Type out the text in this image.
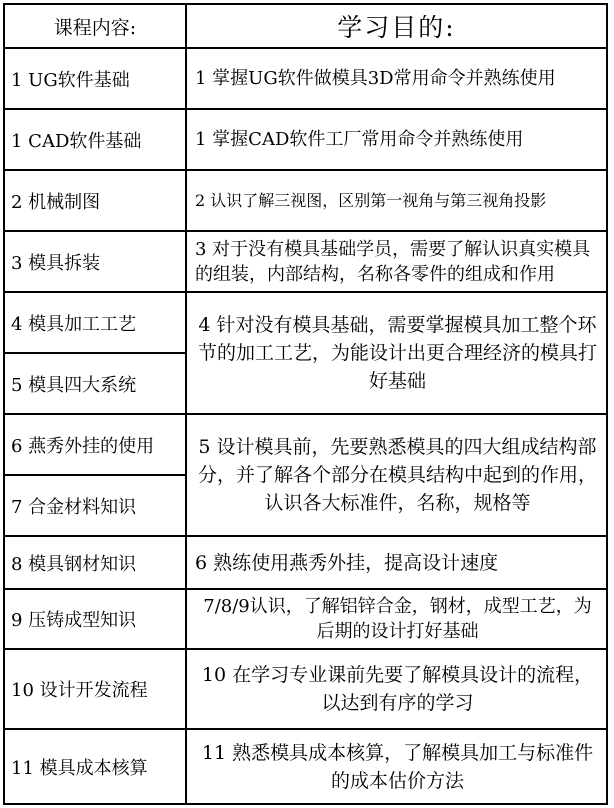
课程内容:	学习目的:
1 UG软件基础	1 掌握UG软件做模具3D常用命令并熟练使用
1 CAD软件基础	1 掌握CAD软件工厂常用命令并熟练使用
2 机械制图	2 认识了解三视图，区别第一视角与第三视角投影
3 模具拆装	3 对于没有模具基础学员，需要了解认识真实模具的组装，内部结构，名称各零件的组成和作用
4 模具加工工艺	4 针对没有模具基础，需要掌握模具加工整个环节的加工工艺，为能设计出更合理经济的模具打好基础
5 模具四大系统	
6 燕秀外挂的使用	5 设计模具前，先要熟悉模具的四大组成结构部分，并了解各个部分在模具结构中起到的作用，认识各大标准件，名称，规格等
7 合金材料知识	
8 模具钢材知识	6 熟练使用燕秀外挂，提高设计速度
9 压铸成型知识	7/8/9认识，了解铝锌合金，钢材，成型工艺，为后期的设计打好基础
10 设计开发流程	10 在学习专业课前先要了解模具设计的流程，以达到有序的学习
11 模具成本核算	11 熟悉模具成本核算，了解模具加工与标准件的成本估价方法
